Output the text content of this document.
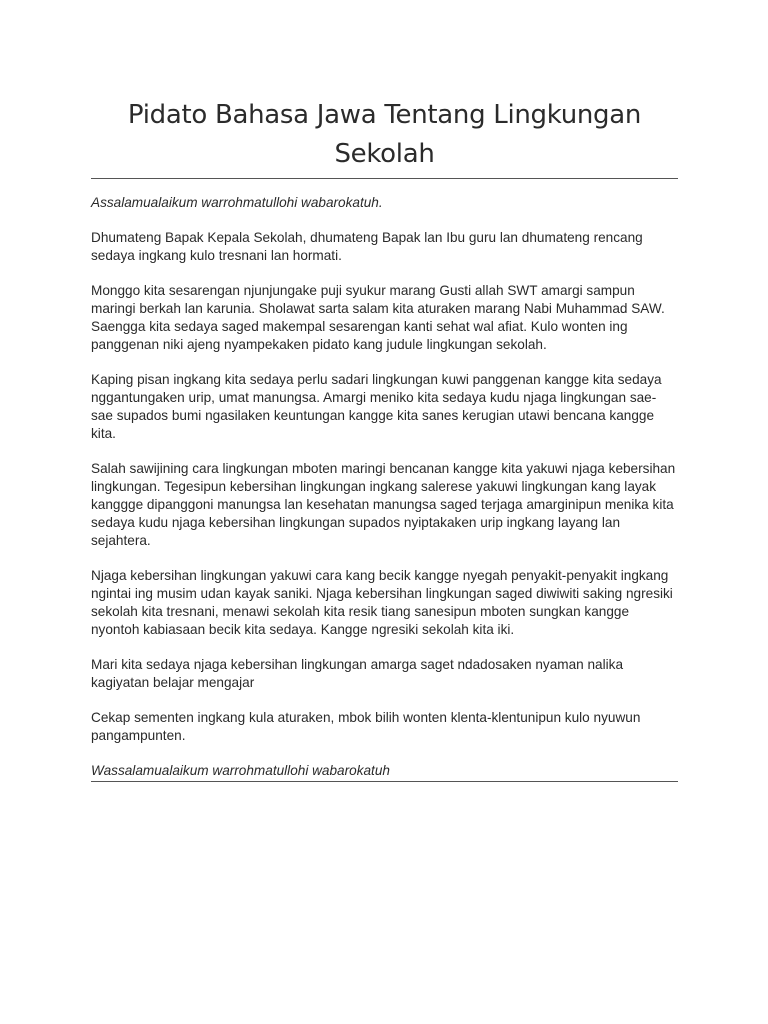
Pidato Bahasa Jawa Tentang Lingkungan Sekolah

Assalamualaikum warrohmatullohi wabarokatuh.

Dhumateng Bapak Kepala Sekolah, dhumateng Bapak lan Ibu guru lan dhumateng rencang sedaya ingkang kulo tresnani lan hormati.

Monggo kita sesarengan njunjungake puji syukur marang Gusti allah SWT amargi sampun maringi berkah lan karunia. Sholawat sarta salam kita aturaken marang Nabi Muhammad SAW. Saengga kita sedaya saged makempal sesarengan kanti sehat wal afiat. Kulo wonten ing panggenan niki ajeng nyampekaken pidato kang judule lingkungan sekolah.

Kaping pisan ingkang kita sedaya perlu sadari lingkungan kuwi panggenan kangge kita sedaya nggantungaken urip, umat manungsa. Amargi meniko kita sedaya kudu njaga lingkungan sae-sae supados bumi ngasilaken keuntungan kangge kita sanes kerugian utawi bencana kangge kita.

Salah sawijining cara lingkungan mboten maringi bencanan kangge kita yakuwi njaga kebersihan lingkungan. Tegesipun kebersihan lingkungan ingkang salerese yakuwi lingkungan kang layak kanggge dipanggoni manungsa lan kesehatan manungsa saged terjaga amarginipun menika kita sedaya kudu njaga kebersihan lingkungan supados nyiptakaken urip ingkang layang lan sejahtera.

Njaga kebersihan lingkungan yakuwi cara kang becik kangge nyegah penyakit-penyakit ingkang ngintai ing musim udan kayak saniki. Njaga kebersihan lingkungan saged diwiwiti saking ngresiki sekolah kita tresnani, menawi sekolah kita resik tiang sanesipun mboten sungkan kangge nyontoh kabiasaan becik kita sedaya. Kangge ngresiki sekolah kita iki.

Mari kita sedaya njaga kebersihan lingkungan amarga saget ndadosaken nyaman nalika kagiyatan belajar mengajar

Cekap sementen ingkang kula aturaken, mbok bilih wonten klenta-klentunipun kulo nyuwun pangampunten.

Wassalamualaikum warrohmatullohi wabarokatuh
